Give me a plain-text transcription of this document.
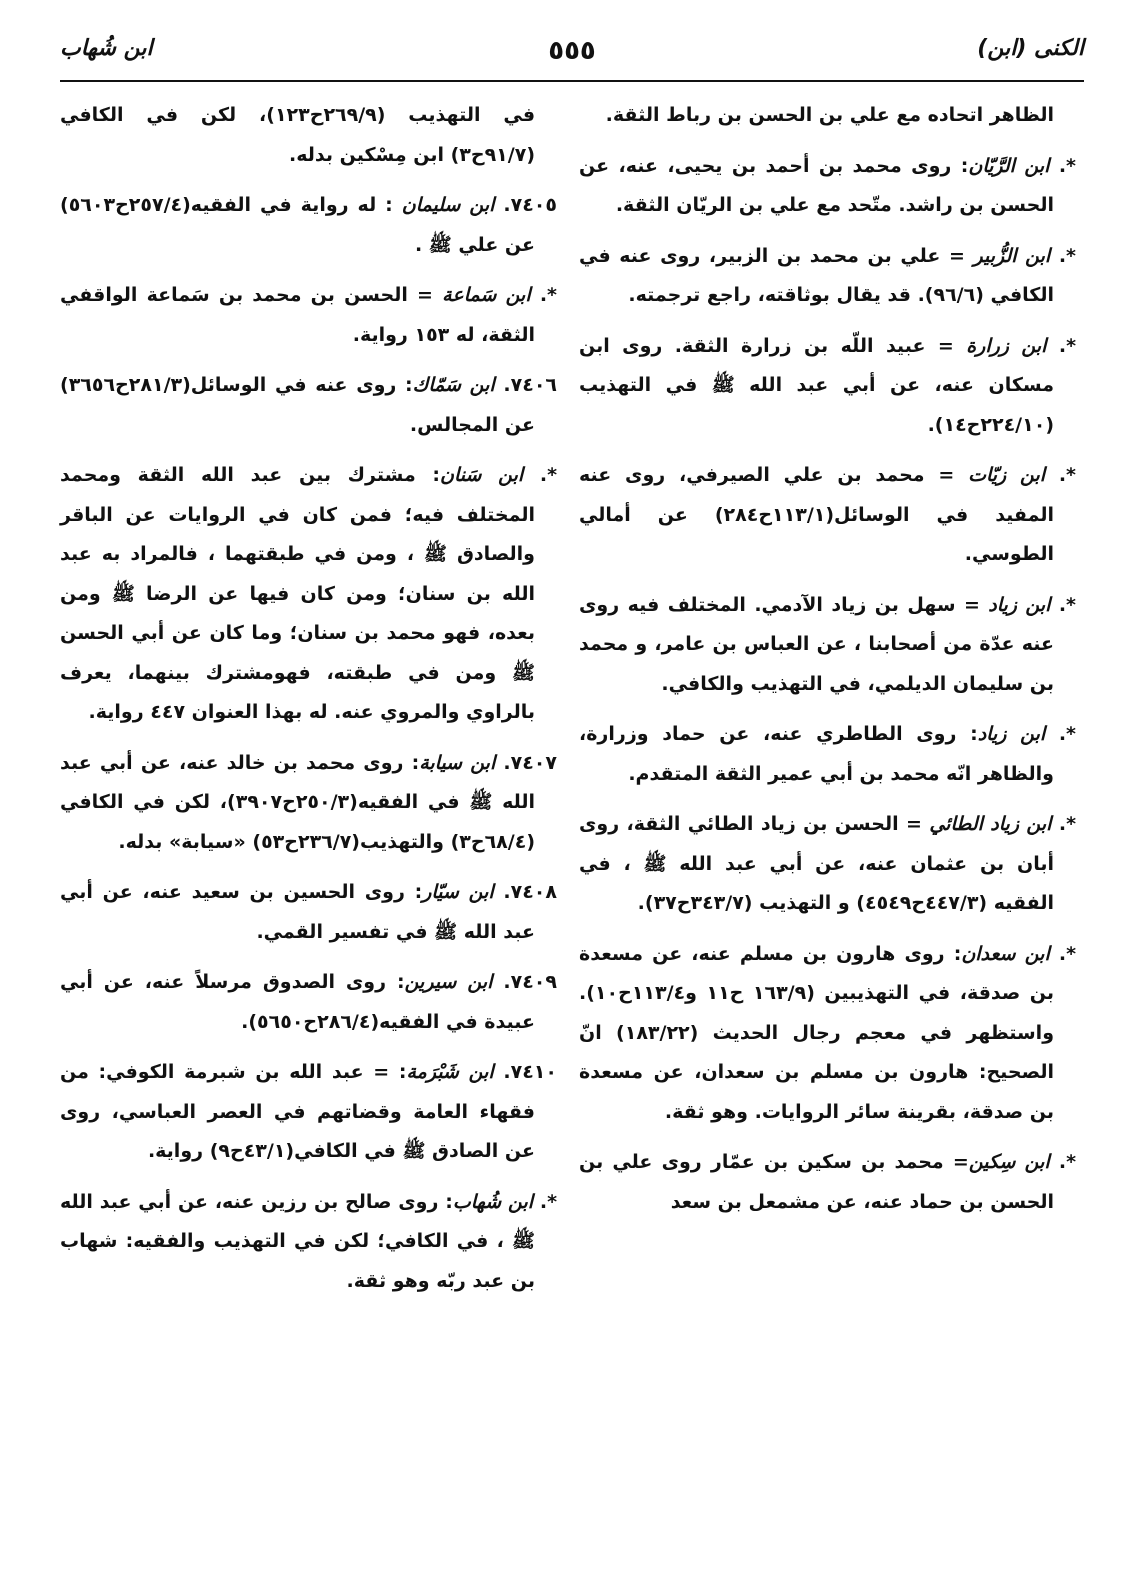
الكنى (ابن)
٥٥٥
ابن شُهاب

الظاهر اتحاده مع علي بن الحسن بن رباط الثقة.

*. ابن الرَّيّان: روى محمد بن أحمد بن يحيى، عنه، عن الحسن بن راشد. متّحد مع علي بن الريّان الثقة.

*. ابن الزُّبير = علي بن محمد بن الزبير، روى عنه في الكافي (٩٦/٦). قد يقال بوثاقته، راجع ترجمته.

*. ابن زرارة = عبيد اللّه بن زرارة الثقة. روى ابن مسكان عنه، عن أبي عبد الله ﷺ في التهذيب (٢٢٤/١٠ح١٤).

*. ابن زيّات = محمد بن علي الصيرفي، روى عنه المفيد في الوسائل(١١٣/١ح٢٨٤) عن أمالي الطوسي.

*. ابن زياد = سهل بن زياد الآدمي. المختلف فيه روى عنه عدّة من أصحابنا ، عن العباس بن عامر، و محمد بن سليمان الديلمي، في التهذيب والكافي.

*. ابن زياد: روى الطاطري عنه، عن حماد وزرارة، والظاهر انّه محمد بن أبي عمير الثقة المتقدم.

*. ابن زياد الطائي = الحسن بن زياد الطائي الثقة، روى أبان بن عثمان عنه، عن أبي عبد الله ﷺ ، في الفقيه (٤٤٧/٣ح٤٥٤٩) و التهذيب (٣٤٣/٧ح٣٧).

*. ابن سعدان: روى هارون بن مسلم عنه، عن مسعدة بن صدقة، في التهذيبين (١٦٣/٩ ح١١ و١١٣/٤ح١٠). واستظهر في معجم رجال الحديث (١٨٣/٢٢) انّ الصحيح: هارون بن مسلم بن سعدان، عن مسعدة بن صدقة، بقرينة سائر الروايات. وهو ثقة.

*. ابن سِكين= محمد بن سكين بن عمّار روى علي بن الحسن بن حماد عنه، عن مشمعل بن سعد

في التهذيب (٢٦٩/٩ح١٢٣)، لكن في الكافي (٩١/٧ح٣) ابن مِسْكين بدله.

٧٤٠٥. ابن سليمان : له رواية في الفقيه(٢٥٧/٤ح٥٦٠٣) عن علي ﷺ .

*. ابن سَماعة = الحسن بن محمد بن سَماعة الواقفي الثقة، له ١٥٣ رواية.

٧٤٠٦. ابن سَمّاك: روى عنه في الوسائل(٢٨١/٣ح٣٦٥٦) عن المجالس.

*. ابن سَنان: مشترك بين عبد الله الثقة ومحمد المختلف فيه؛ فمن كان في الروايات عن الباقر والصادق ﷺ ، ومن في طبقتهما ، فالمراد به عبد الله بن سنان؛ ومن كان فيها عن الرضا ﷺ ومن بعده، فهو محمد بن سنان؛ وما كان عن أبي الحسن ﷺ ومن في طبقته، فهومشترك بينهما، يعرف بالراوي والمروي عنه. له بهذا العنوان ٤٤٧ رواية.

٧٤٠٧. ابن سيابة: روى محمد بن خالد عنه، عن أبي عبد الله ﷺ في الفقيه(٢٥٠/٣ح٣٩٠٧)، لكن في الكافي (٦٨/٤ح٣) والتهذيب(٢٣٦/٧ح٥٣) «سيابة» بدله.

٧٤٠٨. ابن سيّار: روى الحسين بن سعيد عنه، عن أبي عبد الله ﷺ في تفسير القمي.

٧٤٠٩. ابن سيرين: روى الصدوق مرسلاً عنه، عن أبي عبيدة في الفقيه(٢٨٦/٤ح٥٦٥٠).

٧٤١٠. ابن شَبْرَمة: = عبد الله بن شبرمة الكوفي: من فقهاء العامة وقضاتهم في العصر العباسي، روى عن الصادق ﷺ في الكافي(٤٣/١ح٩) رواية.

*. ابن شُهاب: روى صالح بن رزين عنه، عن أبي عبد الله ﷺ ، في الكافي؛ لكن في التهذيب والفقيه: شهاب بن عبد ربّه وهو ثقة.
